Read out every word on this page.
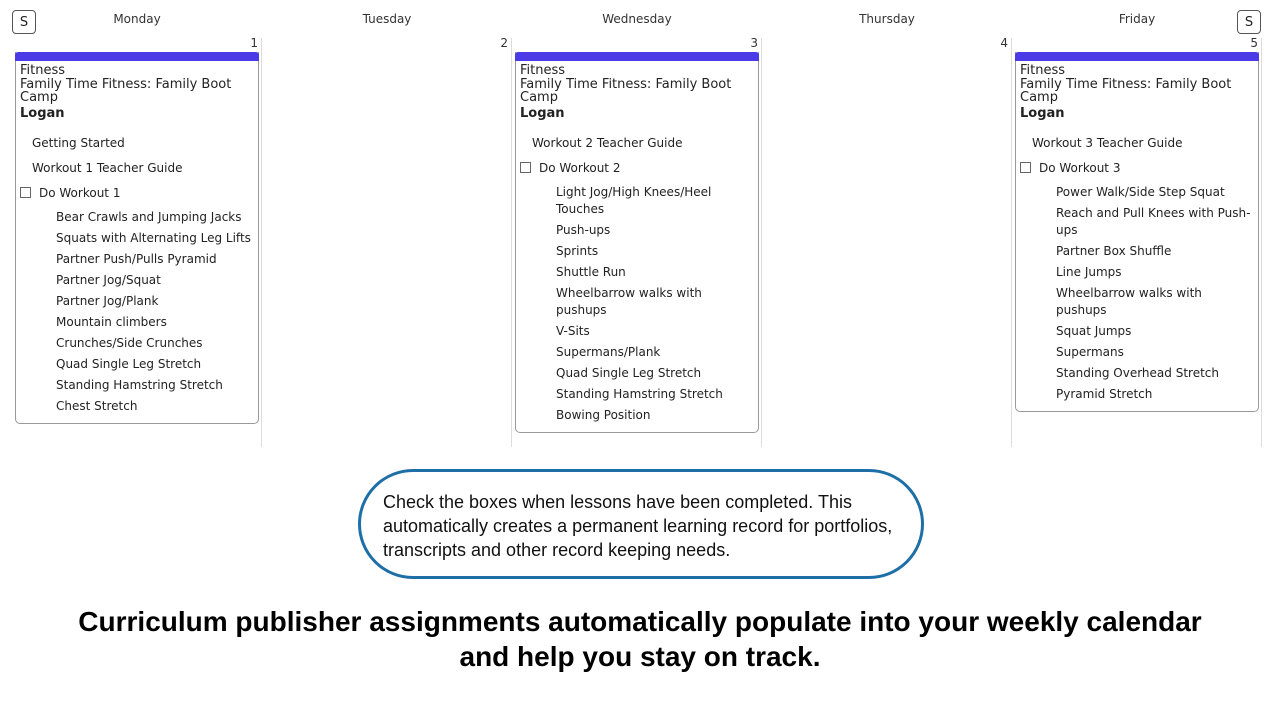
S	S
Monday
1
Fitness
Family Time Fitness: Family Boot Camp
Logan
Getting Started
Workout 1 Teacher Guide
Do Workout 1
Bear Crawls and Jumping Jacks
Squats with Alternating Leg Lifts
Partner Push/Pulls Pyramid
Partner Jog/Squat
Partner Jog/Plank
Mountain climbers
Crunches/Side Crunches
Quad Single Leg Stretch
Standing Hamstring Stretch
Chest Stretch
Tuesday
2
Wednesday
3
Fitness
Family Time Fitness: Family Boot Camp
Logan
Workout 2 Teacher Guide
Do Workout 2
Light Jog/High Knees/Heel Touches
Push-ups
Sprints
Shuttle Run
Wheelbarrow walks with pushups
V-Sits
Supermans/Plank
Quad Single Leg Stretch
Standing Hamstring Stretch
Bowing Position
Thursday
4
Friday
5
Fitness
Family Time Fitness: Family Boot Camp
Logan
Workout 3 Teacher Guide
Do Workout 3
Power Walk/Side Step Squat
Reach and Pull Knees with Push-ups
Partner Box Shuffle
Line Jumps
Wheelbarrow walks with pushups
Squat Jumps
Supermans
Standing Overhead Stretch
Pyramid Stretch
Check the boxes when lessons have been completed. This automatically creates a permanent learning record for portfolios, transcripts and other record keeping needs.
Curriculum publisher assignments automatically populate into your weekly calendar and help you stay on track.
